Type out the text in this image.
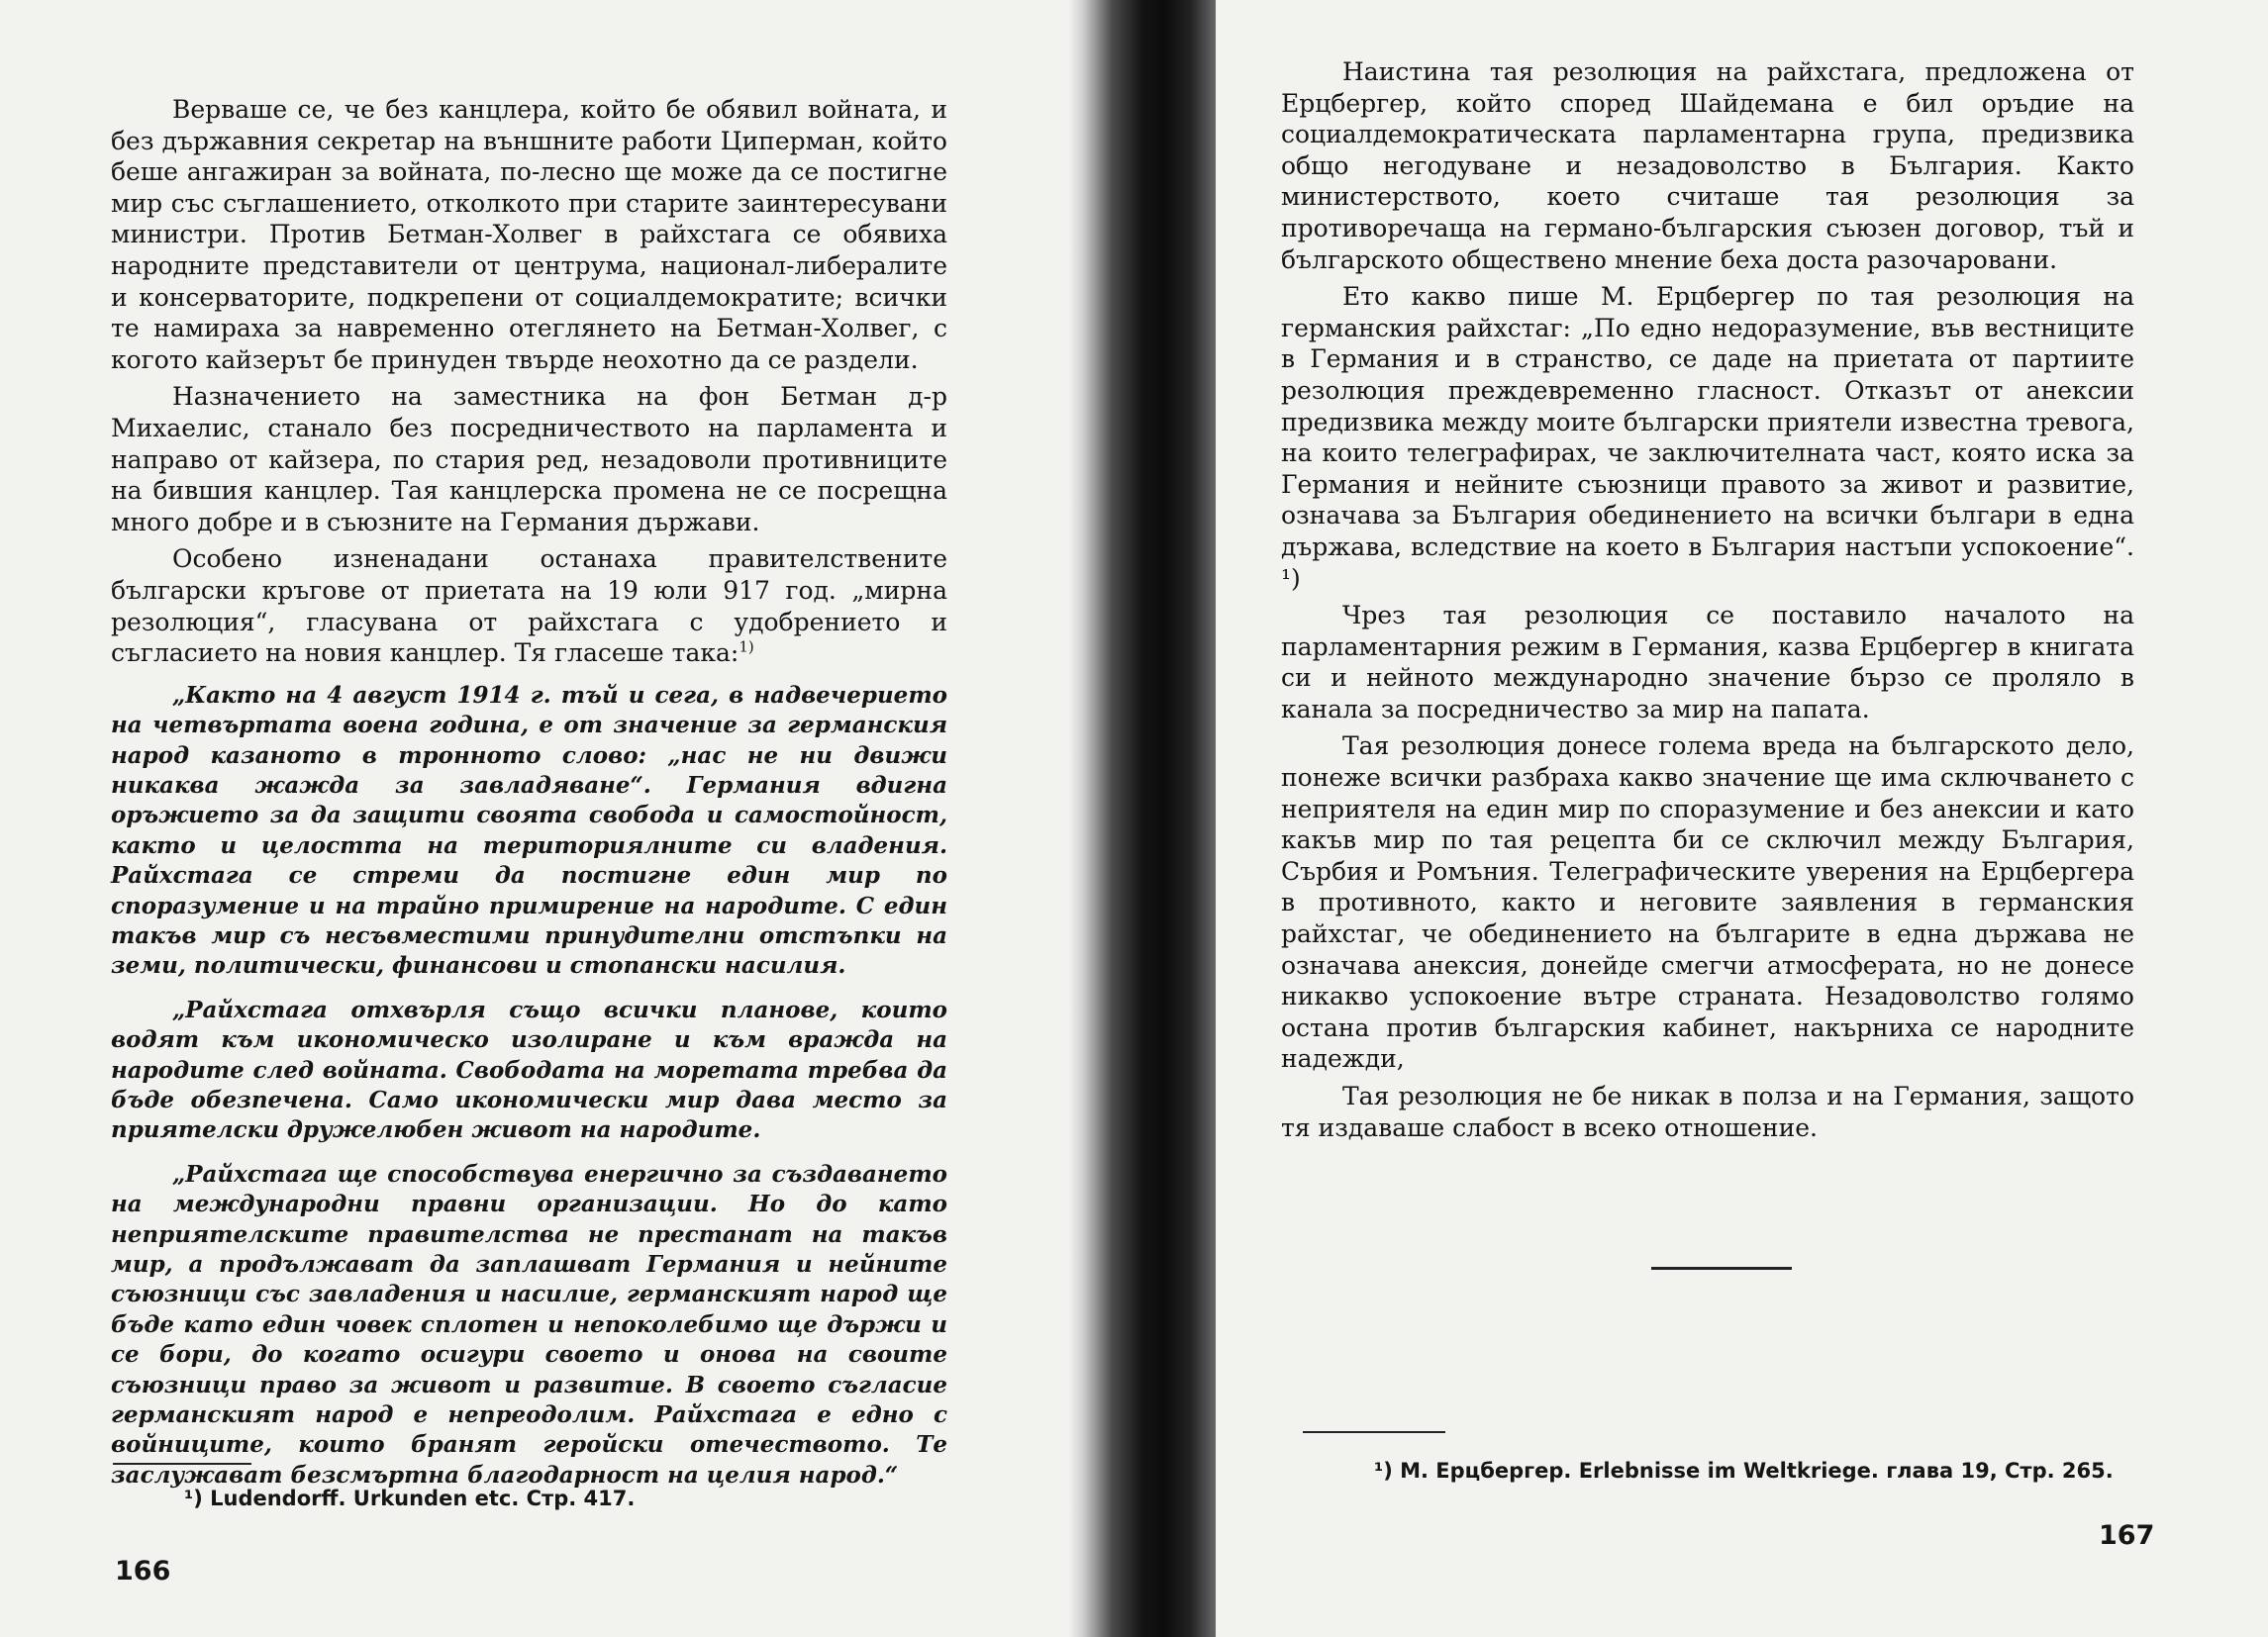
Верваше се, че без канцлера, който бе обявил войната, и без държавния секретар на външните работи Циперман, който беше ангажиран за войната, по-лесно ще може да се постигне мир със съглашението, отколкото при старите заинтересувани министри. Против Бетман-Холвег в райхстага се обявиха народните представители от центрума, национал-либералите и консерваторите, подкрепени от социалдемократите; всички те намираха за навременно отеглянето на Бетман-Холвег, с когото кайзерът бе принуден твърде неохотно да се раздели.

Назначението на заместника на фон Бетман д-р Михаелис, станало без посредничеството на парламента и направо от кайзера, по стария ред, незадоволи противниците на бившия канцлер. Тая канцлерска промена не се посрещна много добре и в съюзните на Германия държави.

Особено изненадани останаха правителствените български кръгове от приетата на 19 юли 917 год. „мирна резолюция“, гласувана от райхстага с удобрението и съгласието на новия канцлер. Тя гласеше така:$^{1)}$

„Както на 4 август 1914 г. тъй и сега, в надвечерието на четвъртата воена година, е от значение за германския народ казаното в тронното слово: „нас не ни движи никаква жажда за завладяване“. Германия вдигна оръжието за да защити своята свобода и самостойност, както и целостта на териториялните си владения. Райхстага се стреми да постигне един мир по споразумение и на трайно примирение на народите. С един такъв мир съ несъвместими принудителни отстъпки на земи, политически, финансови и стопански насилия.

„Райхстага отхвърля също всички планове, които водят към икономическо изолиране и към вражда на народите след войната. Свободата на моретата требва да бъде обезпечена. Само икономически мир дава место за приятелски дружелюбен живот на народите.

„Райхстага ще способствува енергично за създаването на международни правни организации. Но до като неприятелските правителства не престанат на такъв мир, а продължават да заплашват Германия и нейните съюзници със завладения и насилие, германският народ ще бъде като един човек сплотен и непоколебимо ще държи и се бори, до когато осигури своето и онова на своите съюзници право за живот и развитие. В своето съгласие германският народ е непреодолим. Райхстага е едно с войниците, които бранят геройски отечеството. Те заслужават безсмъртна благодарност на целия народ.“

¹) Ludendorff. Urkunden etc. Стр. 417.
166

Наистина тая резолюция на райхстага, предложена от Ерцбергер, който според Шайдемана е бил оръдие на социалдемократическата парламентарна група, предизвика общо негодуване и незадоволство в България. Както министерството, което считаше тая резолюция за противоречаща на германо-българския съюзен договор, тъй и българското обществено мнение беха доста разочаровани.

Ето какво пише М. Ерцбергер по тая резолюция на германския райхстаг: „По едно недоразумение, във вестниците в Германия и в странство, се даде на приетата от партиите резолюция преждевременно гласност. Отказът от анексии предизвика между моите български приятели известна тревога, на които телеграфирах, че заключителната част, която иска за Германия и нейните съюзници правото за живот и развитие, означава за България обединението на всички българи в една държава, вследствие на което в България настъпи успокоение“. ¹)

Чрез тая резолюция се поставило началото на парламентарния режим в Германия, казва Ерцбергер в книгата си и нейното международно значение бързо се проляло в канала за посредничество за мир на папата.

Тая резолюция донесе голема вреда на българското дело, понеже всички разбраха какво значение ще има сключването с неприятеля на един мир по споразумение и без анексии и като какъв мир по тая рецепта би се сключил между България, Сърбия и Ромъния. Телеграфическите уверения на Ерцбергера в противното, както и неговите заявления в германския райхстаг, че обединението на българите в една държава не означава анексия, донейде смегчи атмосферата, но не донесе никакво успокоение вътре страната. Незадоволство голямо остана против българския кабинет, накърниха се народните надежди,

Тая резолюция не бе никак в полза и на Германия, защото тя издаваше слабост в всеко отношение.

¹) М. Ерцбергер. Erlebnisse im Weltkriege. глава 19, Стр. 265.
167
